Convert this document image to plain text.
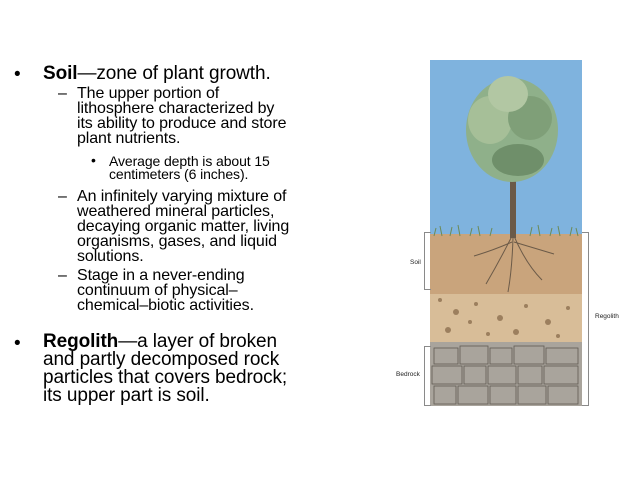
• Soil—zone of plant growth.
– The upper portion of
lithosphere characterized by
its ability to produce and store
plant nutrients.
• Average depth is about 15
centimeters (6 inches).
– An infinitely varying mixture of
weathered mineral particles,
decaying organic matter, living
organisms, gases, and liquid
solutions.
– Stage in a never-ending
continuum of physical–
chemical–biotic activities.
• Regolith—a layer of broken
and partly decomposed rock
particles that covers bedrock;
its upper part is soil.
Soil
Regolith
Bedrock
